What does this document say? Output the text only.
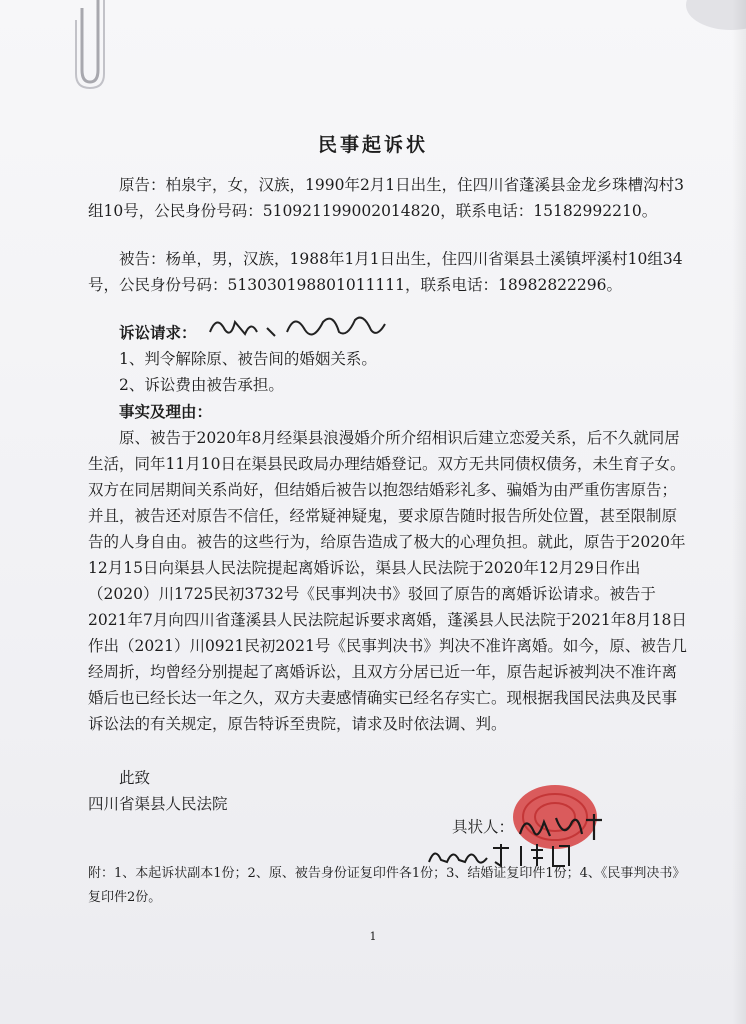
民事起诉状
原告：柏泉宇，女，汉族，1990年2月1日出生，住四川省蓬溪县金龙乡珠槽沟村3组10号，公民身份号码：510921199002014820，联系电话：15182992210。
被告：杨单，男，汉族，1988年1月1日出生，住四川省渠县土溪镇坪溪村10组34号，公民身份号码：513030198801011111，联系电话：18982822296。
诉讼请求：
1、判令解除原、被告间的婚姻关系。
2、诉讼费由被告承担。
事实及理由：
原、被告于2020年8月经渠县浪漫婚介所介绍相识后建立恋爱关系，后不久就同居生活，同年11月10日在渠县民政局办理结婚登记。双方无共同债权债务，未生育子女。双方在同居期间关系尚好，但结婚后被告以抱怨结婚彩礼多、骗婚为由严重伤害原告；并且，被告还对原告不信任，经常疑神疑鬼，要求原告随时报告所处位置，甚至限制原告的人身自由。被告的这些行为，给原告造成了极大的心理负担。就此，原告于2020年12月15日向渠县人民法院提起离婚诉讼，渠县人民法院于2020年12月29日作出（2020）川1725民初3732号《民事判决书》驳回了原告的离婚诉讼请求。被告于2021年7月向四川省蓬溪县人民法院起诉要求离婚，蓬溪县人民法院于2021年8月18日作出（2021）川0921民初2021号《民事判决书》判决不准许离婚。如今，原、被告几经周折，均曾经分别提起了离婚诉讼，且双方分居已近一年，原告起诉被判决不准许离婚后也已经长达一年之久，双方夫妻感情确实已经名存实亡。现根据我国民法典及民事诉讼法的有关规定，原告特诉至贵院，请求及时依法调、判。
此致
四川省渠县人民法院
具状人：
附：1、本起诉状副本1份；2、原、被告身份证复印件各1份；3、结婚证复印件1份；4、《民事判决书》复印件2份。
1
